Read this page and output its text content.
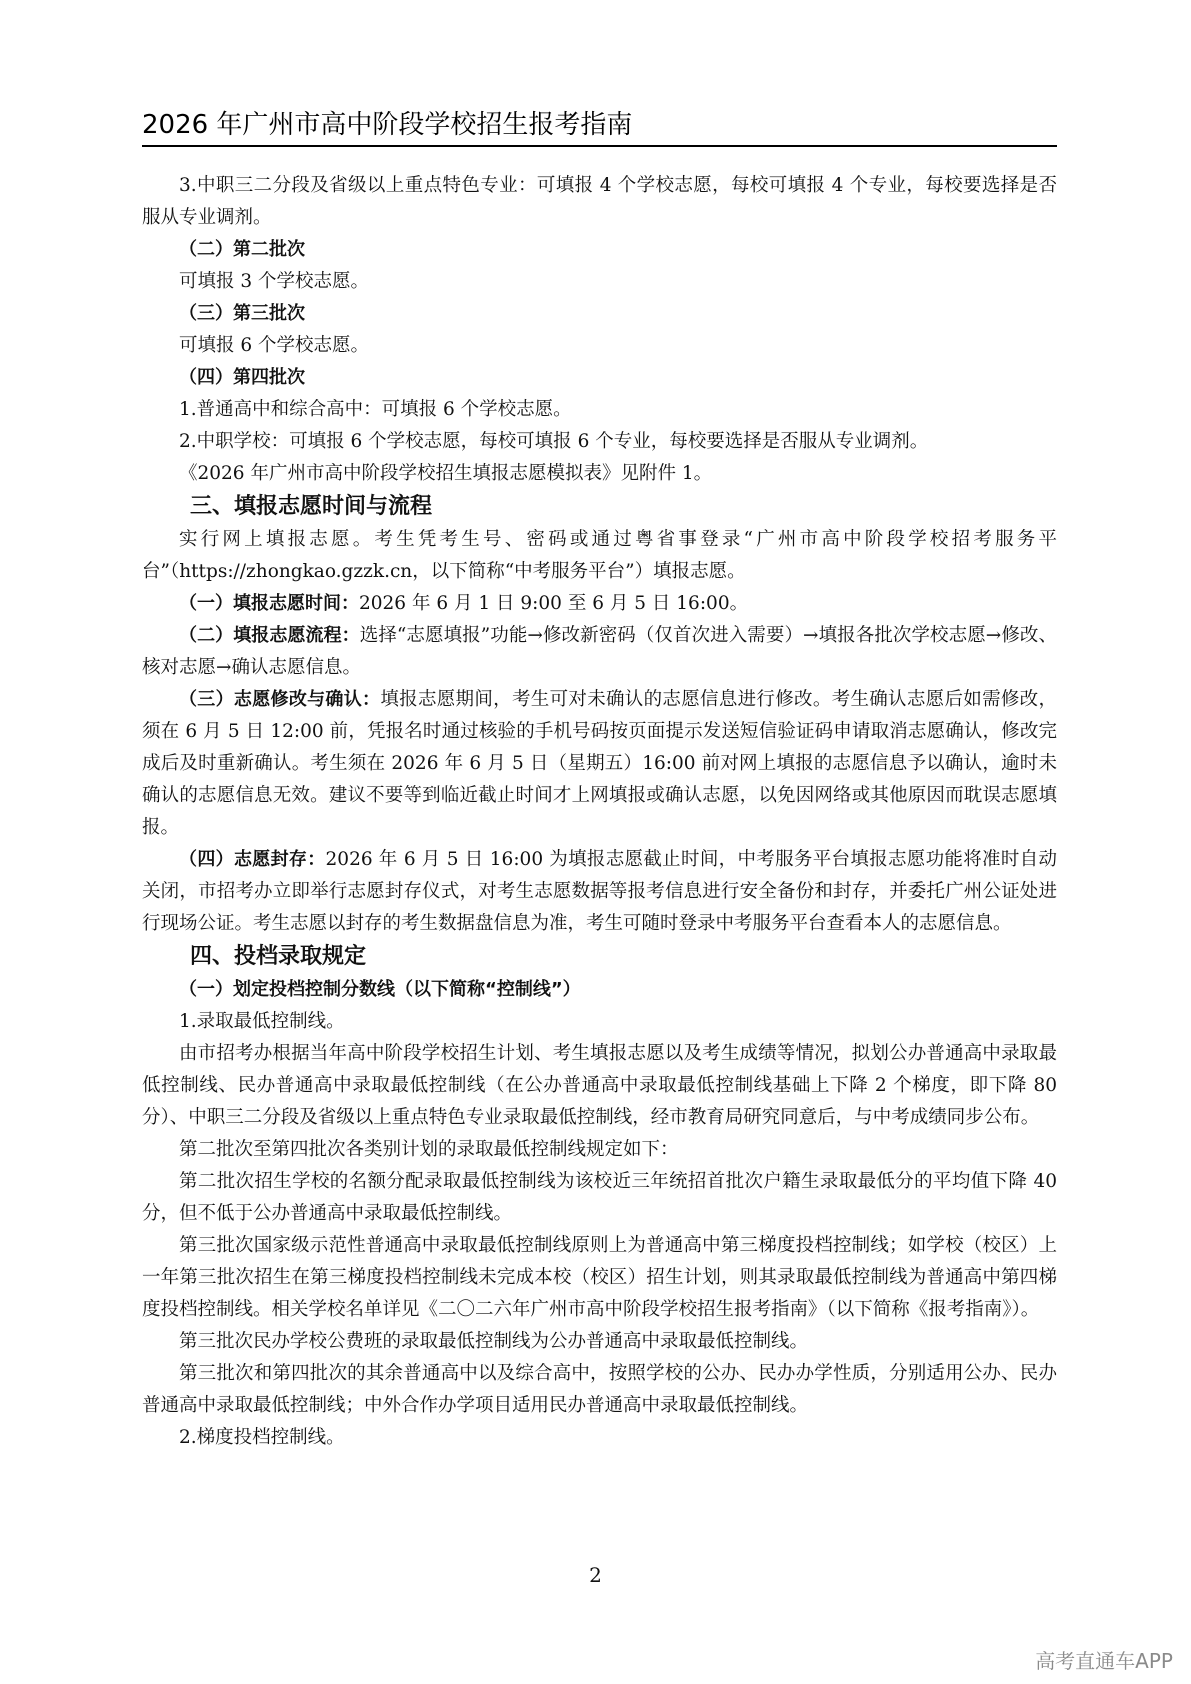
2026 年广州市高中阶段学校招生报考指南

3.中职三二分段及省级以上重点特色专业：可填报 4 个学校志愿，每校可填报 4 个专业，每校要选择是否服从专业调剂。

（二）第二批次

可填报 3 个学校志愿。

（三）第三批次

可填报 6 个学校志愿。

（四）第四批次

1.普通高中和综合高中：可填报 6 个学校志愿。

2.中职学校：可填报 6 个学校志愿，每校可填报 6 个专业，每校要选择是否服从专业调剂。

《2026 年广州市高中阶段学校招生填报志愿模拟表》见附件 1。

三、填报志愿时间与流程

实行网上填报志愿。考生凭考生号、密码或通过粤省事登录“广州市高中阶段学校招考服务平台”（https://zhongkao.gzzk.cn，以下简称“中考服务平台”）填报志愿。

（一）填报志愿时间：2026 年 6 月 1 日 9:00 至 6 月 5 日 16:00。

（二）填报志愿流程：选择“志愿填报”功能→修改新密码（仅首次进入需要）→填报各批次学校志愿→修改、核对志愿→确认志愿信息。

（三）志愿修改与确认：填报志愿期间，考生可对未确认的志愿信息进行修改。考生确认志愿后如需修改，须在 6 月 5 日 12:00 前，凭报名时通过核验的手机号码按页面提示发送短信验证码申请取消志愿确认，修改完成后及时重新确认。考生须在 2026 年 6 月 5 日（星期五）16:00 前对网上填报的志愿信息予以确认，逾时未确认的志愿信息无效。建议不要等到临近截止时间才上网填报或确认志愿，以免因网络或其他原因而耽误志愿填报。

（四）志愿封存：2026 年 6 月 5 日 16:00 为填报志愿截止时间，中考服务平台填报志愿功能将准时自动关闭，市招考办立即举行志愿封存仪式，对考生志愿数据等报考信息进行安全备份和封存，并委托广州公证处进行现场公证。考生志愿以封存的考生数据盘信息为准，考生可随时登录中考服务平台查看本人的志愿信息。

四、投档录取规定

（一）划定投档控制分数线（以下简称“控制线”）

1.录取最低控制线。

由市招考办根据当年高中阶段学校招生计划、考生填报志愿以及考生成绩等情况，拟划公办普通高中录取最低控制线、民办普通高中录取最低控制线（在公办普通高中录取最低控制线基础上下降 2 个梯度，即下降 80 分）、中职三二分段及省级以上重点特色专业录取最低控制线，经市教育局研究同意后，与中考成绩同步公布。

第二批次至第四批次各类别计划的录取最低控制线规定如下：

第二批次招生学校的名额分配录取最低控制线为该校近三年统招首批次户籍生录取最低分的平均值下降 40 分，但不低于公办普通高中录取最低控制线。

第三批次国家级示范性普通高中录取最低控制线原则上为普通高中第三梯度投档控制线；如学校（校区）上一年第三批次招生在第三梯度投档控制线未完成本校（校区）招生计划，则其录取最低控制线为普通高中第四梯度投档控制线。相关学校名单详见《二〇二六年广州市高中阶段学校招生报考指南》（以下简称《报考指南》）。

第三批次民办学校公费班的录取最低控制线为公办普通高中录取最低控制线。

第三批次和第四批次的其余普通高中以及综合高中，按照学校的公办、民办办学性质，分别适用公办、民办普通高中录取最低控制线；中外合作办学项目适用民办普通高中录取最低控制线。

2.梯度投档控制线。

2
高考直通车APP
